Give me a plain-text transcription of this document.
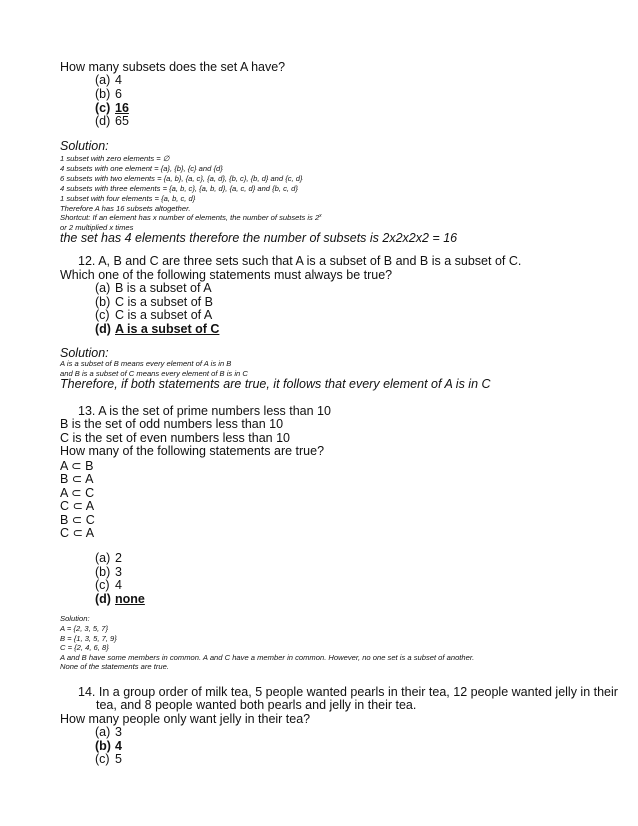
How many subsets does the set A have?
(a) 4
(b) 6
(c) 16
(d) 65
Solution:
1 subset with zero elements = ∅
4 subsets with one element = {a}, {b}, {c} and {d}
6 subsets with two elements = {a, b}, {a, c}, {a, d}, {b, c}, {b, d} and {c, d}
4 subsets with three elements = {a, b, c}, {a, b, d}, {a, c, d} and {b, c, d}
1 subset with four elements = {a, b, c, d}
Therefore A has 16 subsets altogether.
Shortcut: If an element has x number of elements, the number of subsets is 2$^x$
or 2 multiplied x times
the set has 4 elements therefore the number of subsets is 2x2x2x2 = 16
12. A, B and C are three sets such that A is a subset of B and B is a subset of C.
Which one of the following statements must always be true?
(a) B is a subset of A
(b) C is a subset of B
(c) C is a subset of A
(d) A is a subset of C
Solution:
A is a subset of B means every element of A is in B
and B is a subset of C means every element of B is in C
Therefore, if both statements are true, it follows that every element of A is in C
13. A is the set of prime numbers less than 10
B is the set of odd numbers less than 10
C is the set of even numbers less than 10
How many of the following statements are true?
A ⊂ B
B ⊂ A
A ⊂ C
C ⊂ A
B ⊂ C
C ⊂ A
(a) 2
(b) 3
(c) 4
(d) none
Solution:
A = {2, 3, 5, 7}
B = {1, 3, 5, 7, 9}
C = {2, 4, 6, 8}
A and B have some members in common. A and C have a member in common. However, no one set is a subset of another.
None of the statements are true.
14. In a group order of milk tea, 5 people wanted pearls in their tea, 12 people wanted jelly in their
tea, and 8 people wanted both pearls and jelly in their tea.
How many people only want jelly in their tea?
(a) 3
(b) 4
(c) 5
